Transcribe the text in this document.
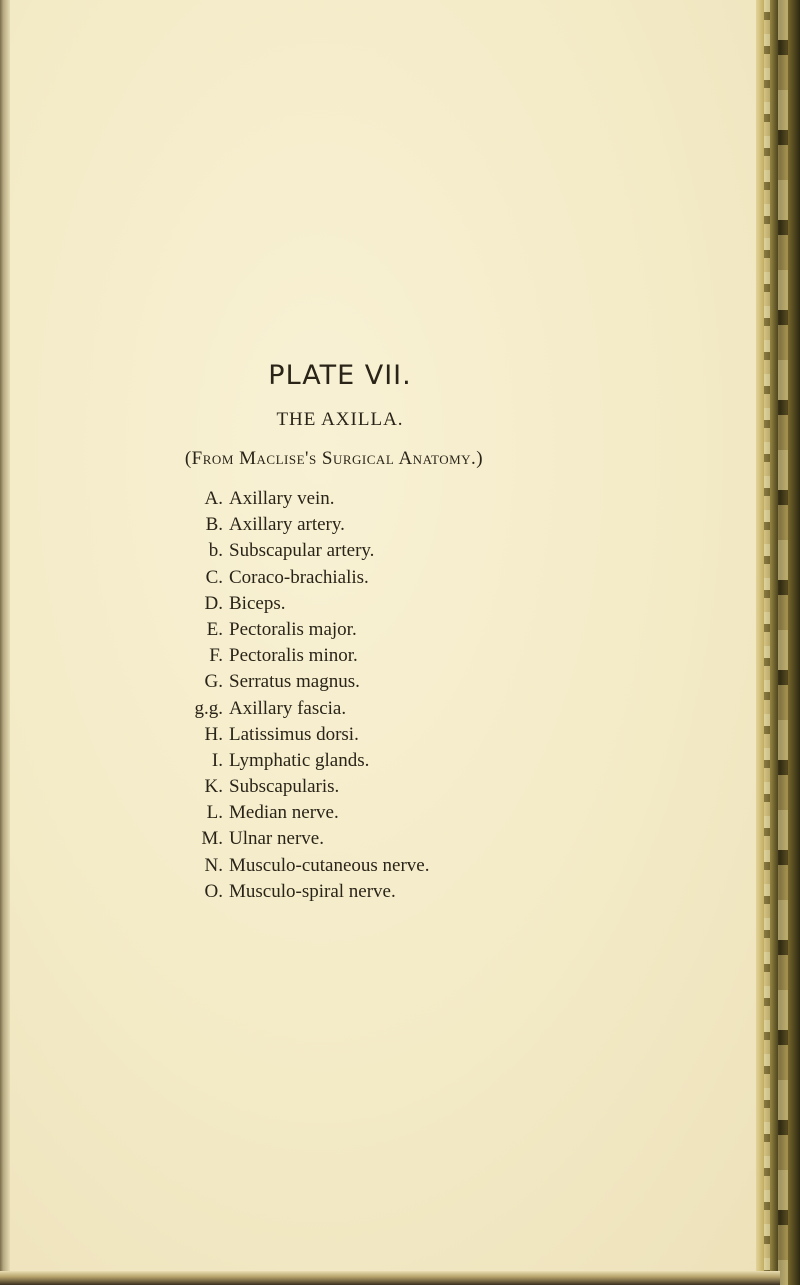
PLATE VII.
THE AXILLA.
(From Maclise's Surgical Anatomy.)
A. Axillary vein.
B. Axillary artery.
b. Subscapular artery.
C. Coraco-brachialis.
D. Biceps.
E. Pectoralis major.
F. Pectoralis minor.
G. Serratus magnus.
g.g. Axillary fascia.
H. Latissimus dorsi.
I. Lymphatic glands.
K. Subscapularis.
L. Median nerve.
M. Ulnar nerve.
N. Musculo-cutaneous nerve.
O. Musculo-spiral nerve.
